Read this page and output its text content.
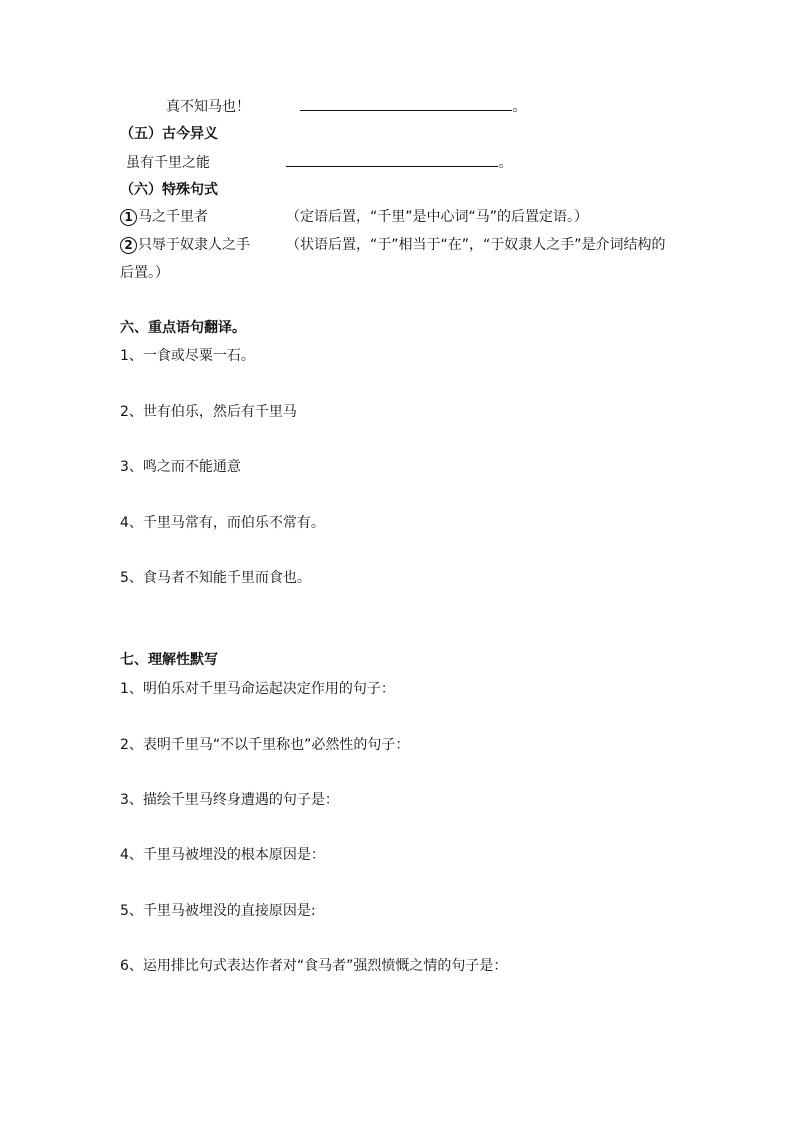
真不知马也！	。
（五）古今异义
虽有千里之能	。
（六）特殊句式
1 马之千里者	（定语后置，“千里”是中心词“马”的后置定语。）
2 只辱于奴隶人之手	（状语后置，“于”相当于“在”，“于奴隶人之手”是介词结构的
后置。）
六、重点语句翻译。
1、一食或尽粟一石。
2、世有伯乐，然后有千里马
3、鸣之而不能通意
4、千里马常有，而伯乐不常有。
5、食马者不知能千里而食也。
七、理解性默写
1、明伯乐对千里马命运起决定作用的句子：
2、表明千里马“不以千里称也”必然性的句子：
3、描绘千里马终身遭遇的句子是：
4、千里马被埋没的根本原因是：
5、千里马被埋没的直接原因是:
6、运用排比句式表达作者对“食马者”强烈愤慨之情的句子是：
